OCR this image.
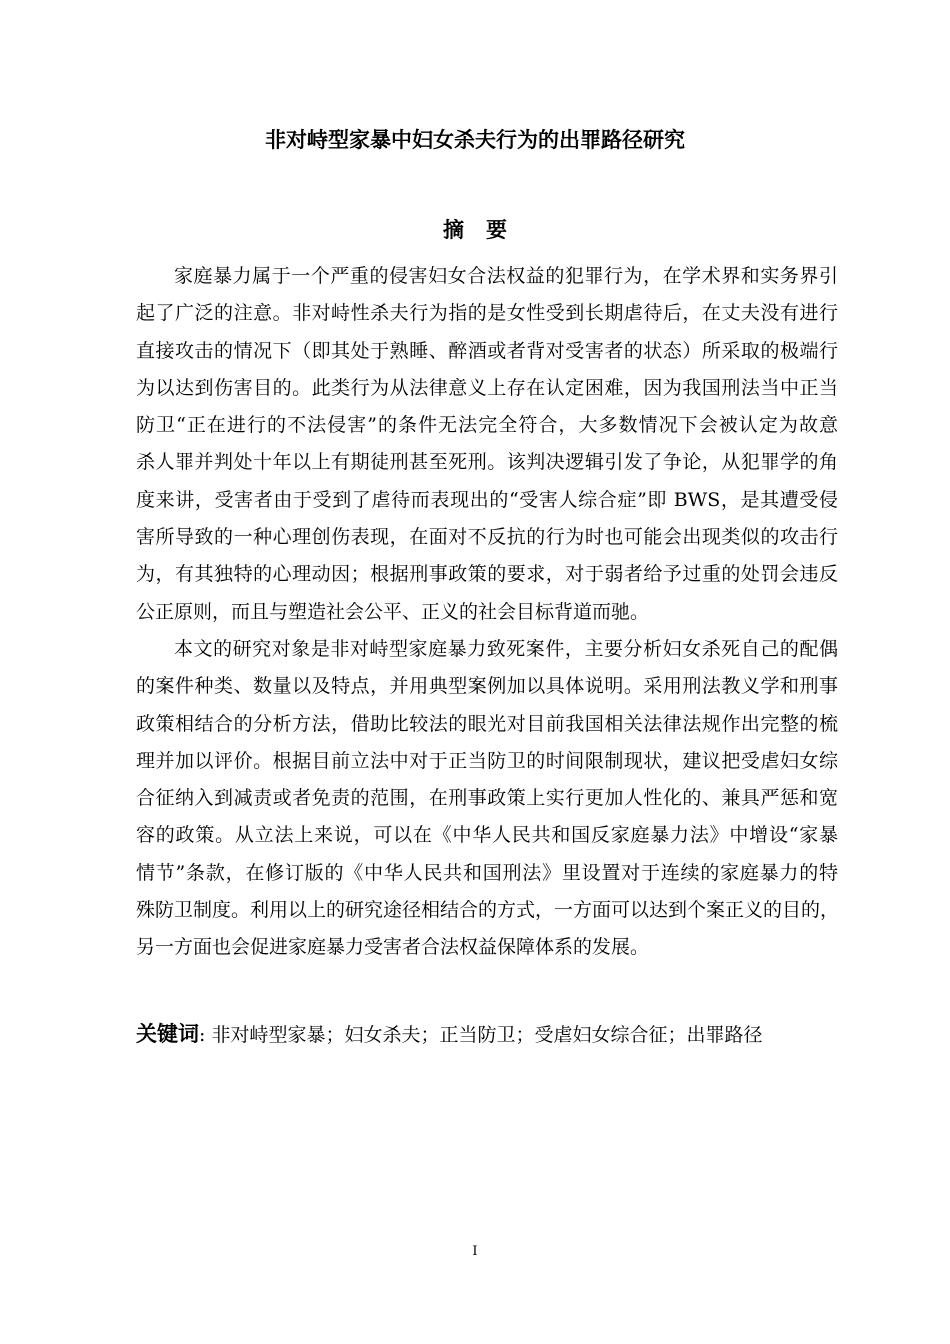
非对峙型家暴中妇女杀夫行为的出罪路径研究
摘要
家庭暴力属于一个严重的侵害妇女合法权益的犯罪行为，在学术界和实务界引
起了广泛的注意。非对峙性杀夫行为指的是女性受到长期虐待后，在丈夫没有进行
直接攻击的情况下（即其处于熟睡、醉酒或者背对受害者的状态）所采取的极端行
为以达到伤害目的。此类行为从法律意义上存在认定困难，因为我国刑法当中正当
防卫“正在进行的不法侵害”的条件无法完全符合，大多数情况下会被认定为故意
杀人罪并判处十年以上有期徒刑甚至死刑。该判决逻辑引发了争论，从犯罪学的角
度来讲，受害者由于受到了虐待而表现出的“受害人综合症”即 BWS，是其遭受侵
害所导致的一种心理创伤表现，在面对不反抗的行为时也可能会出现类似的攻击行
为，有其独特的心理动因；根据刑事政策的要求，对于弱者给予过重的处罚会违反
公正原则，而且与塑造社会公平、正义的社会目标背道而驰。
本文的研究对象是非对峙型家庭暴力致死案件，主要分析妇女杀死自己的配偶
的案件种类、数量以及特点，并用典型案例加以具体说明。采用刑法教义学和刑事
政策相结合的分析方法，借助比较法的眼光对目前我国相关法律法规作出完整的梳
理并加以评价。根据目前立法中对于正当防卫的时间限制现状，建议把受虐妇女综
合征纳入到减责或者免责的范围，在刑事政策上实行更加人性化的、兼具严惩和宽
容的政策。从立法上来说，可以在《中华人民共和国反家庭暴力法》中增设“家暴
情节”条款，在修订版的《中华人民共和国刑法》里设置对于连续的家庭暴力的特
殊防卫制度。利用以上的研究途径相结合的方式，一方面可以达到个案正义的目的，
另一方面也会促进家庭暴力受害者合法权益保障体系的发展。
关键词: 非对峙型家暴；妇女杀夫；正当防卫；受虐妇女综合征；出罪路径
I
